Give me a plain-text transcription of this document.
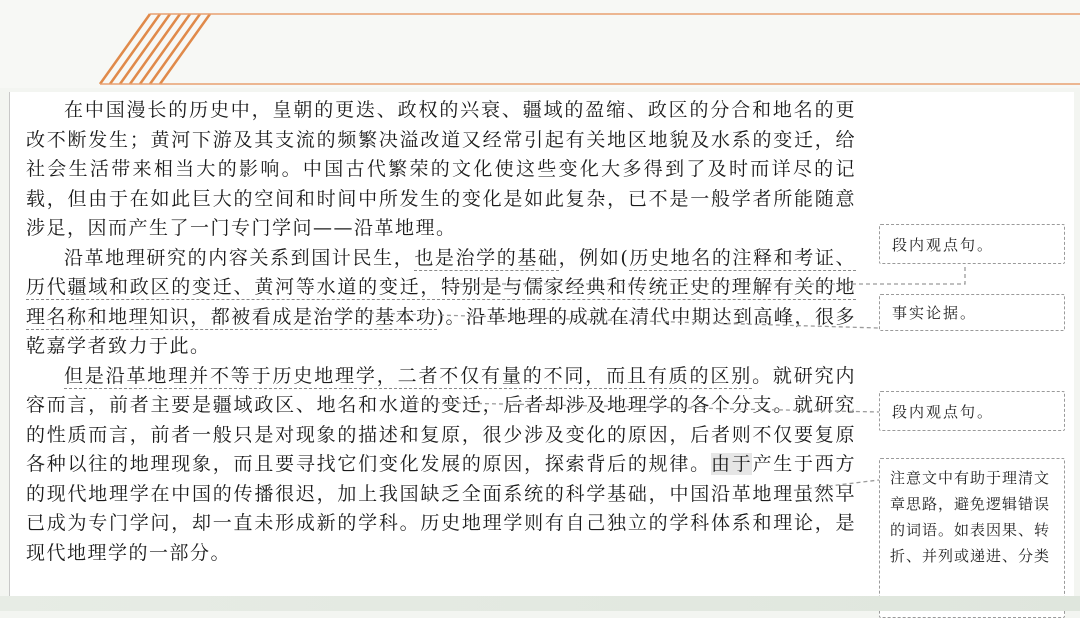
在中国漫长的历史中，皇朝的更迭、政权的兴衰、疆域的盈缩、政区的分合和地名的更改不断发生；黄河下游及其支流的频繁决溢改道又经常引起有关地区地貌及水系的变迁，给社会生活带来相当大的影响。中国古代繁荣的文化使这些变化大多得到了及时而详尽的记载，但由于在如此巨大的空间和时间中所发生的变化是如此复杂，已不是一般学者所能随意涉足，因而产生了一门专门学问——沿革地理。

沿革地理研究的内容关系到国计民生，也是治学的基础，例如(历史地名的注释和考证、历代疆域和政区的变迁、黄河等水道的变迁，特别是与儒家经典和传统正史的理解有关的地理名称和地理知识，都被看成是治学的基本功)。沿革地理的成就在清代中期达到高峰，很多乾嘉学者致力于此。

但是沿革地理并不等于历史地理学，二者不仅有量的不同，而且有质的区别。就研究内容而言，前者主要是疆域政区、地名和水道的变迁，后者却涉及地理学的各个分支。就研究的性质而言，前者一般只是对现象的描述和复原，很少涉及变化的原因，后者则不仅要复原各种以往的地理现象，而且要寻找它们变化发展的原因，探索背后的规律。由于产生于西方的现代地理学在中国的传播很迟，加上我国缺乏全面系统的科学基础，中国沿革地理虽然早已成为专门学问，却一直未形成新的学科。历史地理学则有自己独立的学科体系和理论，是现代地理学的一部分。

段内观点句。
事实论据。
段内观点句。
注意文中有助于理清文章思路，避免逻辑错误的词语。如表因果、转折、并列或递进、分类
